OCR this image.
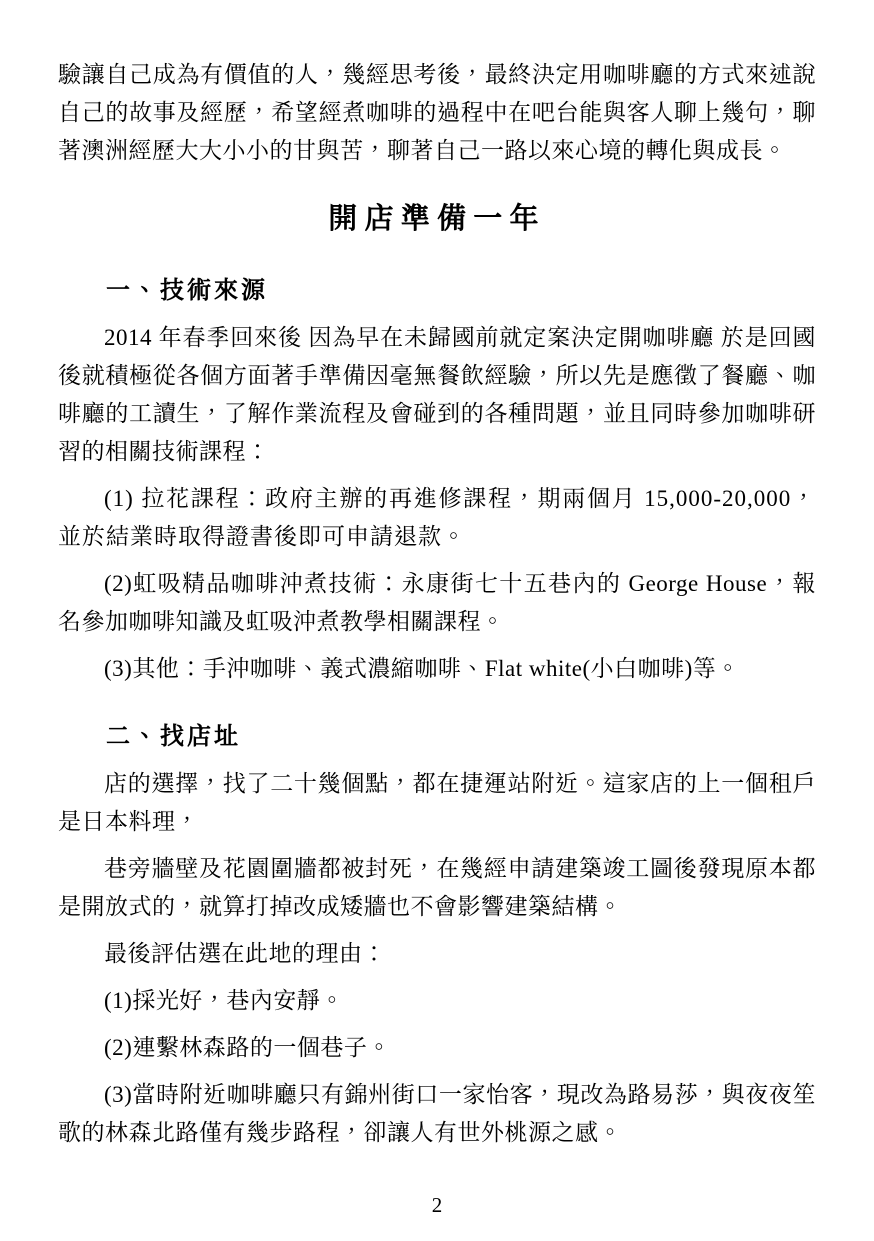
驗讓自己成為有價值的人，幾經思考後，最終決定用咖啡廳的方式來述說自己的故事及經歷，希望經煮咖啡的過程中在吧台能與客人聊上幾句，聊著澳洲經歷大大小小的甘與苦，聊著自己一路以來心境的轉化與成長。

開店準備一年
一、技術來源

2014 年春季回來後 因為早在未歸國前就定案決定開咖啡廳 於是回國後就積極從各個方面著手準備因毫無餐飲經驗，所以先是應徵了餐廳、咖啡廳的工讀生，了解作業流程及會碰到的各種問題，並且同時參加咖啡研習的相關技術課程：

(1) 拉花課程：政府主辦的再進修課程，期兩個月 15,000-20,000，並於結業時取得證書後即可申請退款。

(2)虹吸精品咖啡沖煮技術：永康街七十五巷內的 George House，報名參加咖啡知識及虹吸沖煮教學相關課程。

(3)其他：手沖咖啡、義式濃縮咖啡、Flat white(小白咖啡)等。

二、找店址

店的選擇，找了二十幾個點，都在捷運站附近。這家店的上一個租戶是日本料理，

巷旁牆壁及花園圍牆都被封死，在幾經申請建築竣工圖後發現原本都是開放式的，就算打掉改成矮牆也不會影響建築結構。

最後評估選在此地的理由：

(1)採光好，巷內安靜。

(2)連繫林森路的一個巷子。

(3)當時附近咖啡廳只有錦州街口一家怡客，現改為路易莎，與夜夜笙歌的林森北路僅有幾步路程，卻讓人有世外桃源之感。

2
